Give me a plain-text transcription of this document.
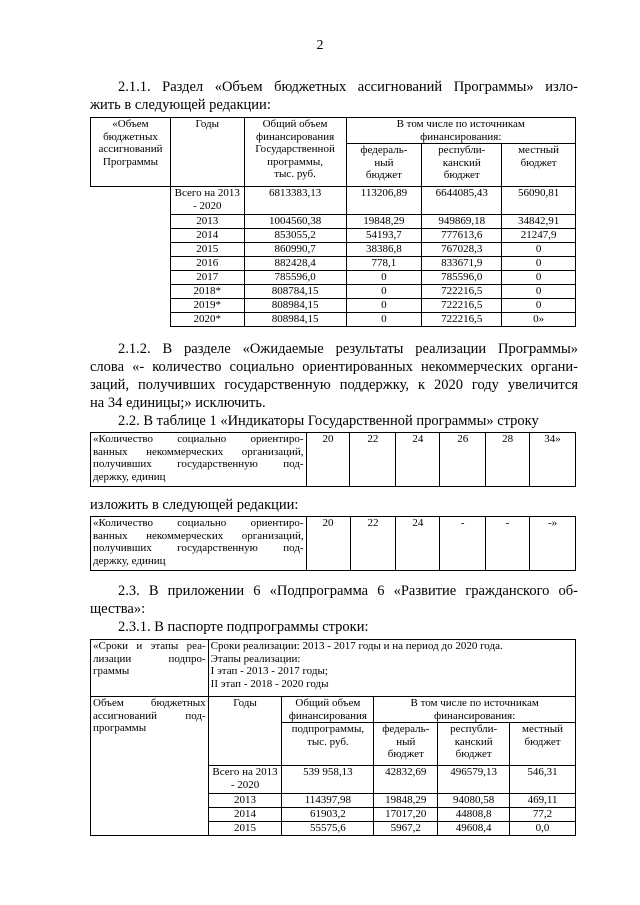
2
2.1.1. Раздел «Объем бюджетных ассигнований Программы» изло-
жить в следующей редакции:
«Объем
бюджетных
ассигнований
Программы	Годы	Общий объем
финансирования
Государственной
программы,
тыс. руб.	В том числе по источникам
финансирования:		

			федераль-
ный
бюджет	республи-
канский
бюджет	местный
бюджет

	Всего на 2013 - 2020	6813383,13	113206,89	6644085,43	56090,81
	2013	1004560,38	19848,29	949869,18	34842,91
	2014	853055,2	54193,7	777613,6	21247,9
	2015	860990,7	38386,8	767028,3	0
	2016	882428,4	778,1	833671,9	0
	2017	785596,0	0	785596,0	0
	2018*	808784,15	0	722216,5	0
	2019*	808984,15	0	722216,5	0
	2020*	808984,15	0	722216,5	0»
2.1.2. В разделе «Ожидаемые результаты реализации Программы»
слова «- количество социально ориентированных некоммерческих органи-
заций, получивших государственную поддержку, к 2020 году увеличится
на 34 единицы;» исключить.
2.2. В таблице 1 «Индикаторы Государственной программы» строку
«Количество социально ориентиро-
ванных некоммерческих организаций,
получивших государственную под-
держку, единиц
	20	22	24	26	28	34»
изложить в следующей редакции:
«Количество социально ориентиро-
ванных некоммерческих организаций,
получивших государственную под-
держку, единиц
	20	22	24	-	-	-»
2.3. В приложении 6 «Подпрограмма 6 «Развитие гражданского об-
щества»:
2.3.1. В паспорте подпрограммы строки:
«Сроки и этапы реа-
лизации подпро-
граммы	Сроки реализации: 2013 - 2017 годы и на период до 2020 года.
Этапы реализации:
I этап - 2013 - 2017 годы;
II этап - 2018 - 2020 годы				

Объем бюджетных
ассигнований под-
программы	Годы	Общий объем
финансирования	В том числе по источникам
финансирования:		

		подпрограммы,
тыс. руб.	федераль-
ный
бюджет	республи-
канский
бюджет	местный
бюджет

	Всего на 2013 - 2020	539 958,13	42832,69	496579,13	546,31
	2013	114397,98	19848,29	94080,58	469,11
	2014	61903,2	17017,20	44808,8	77,2
	2015	55575,6	5967,2	49608,4	0,0
